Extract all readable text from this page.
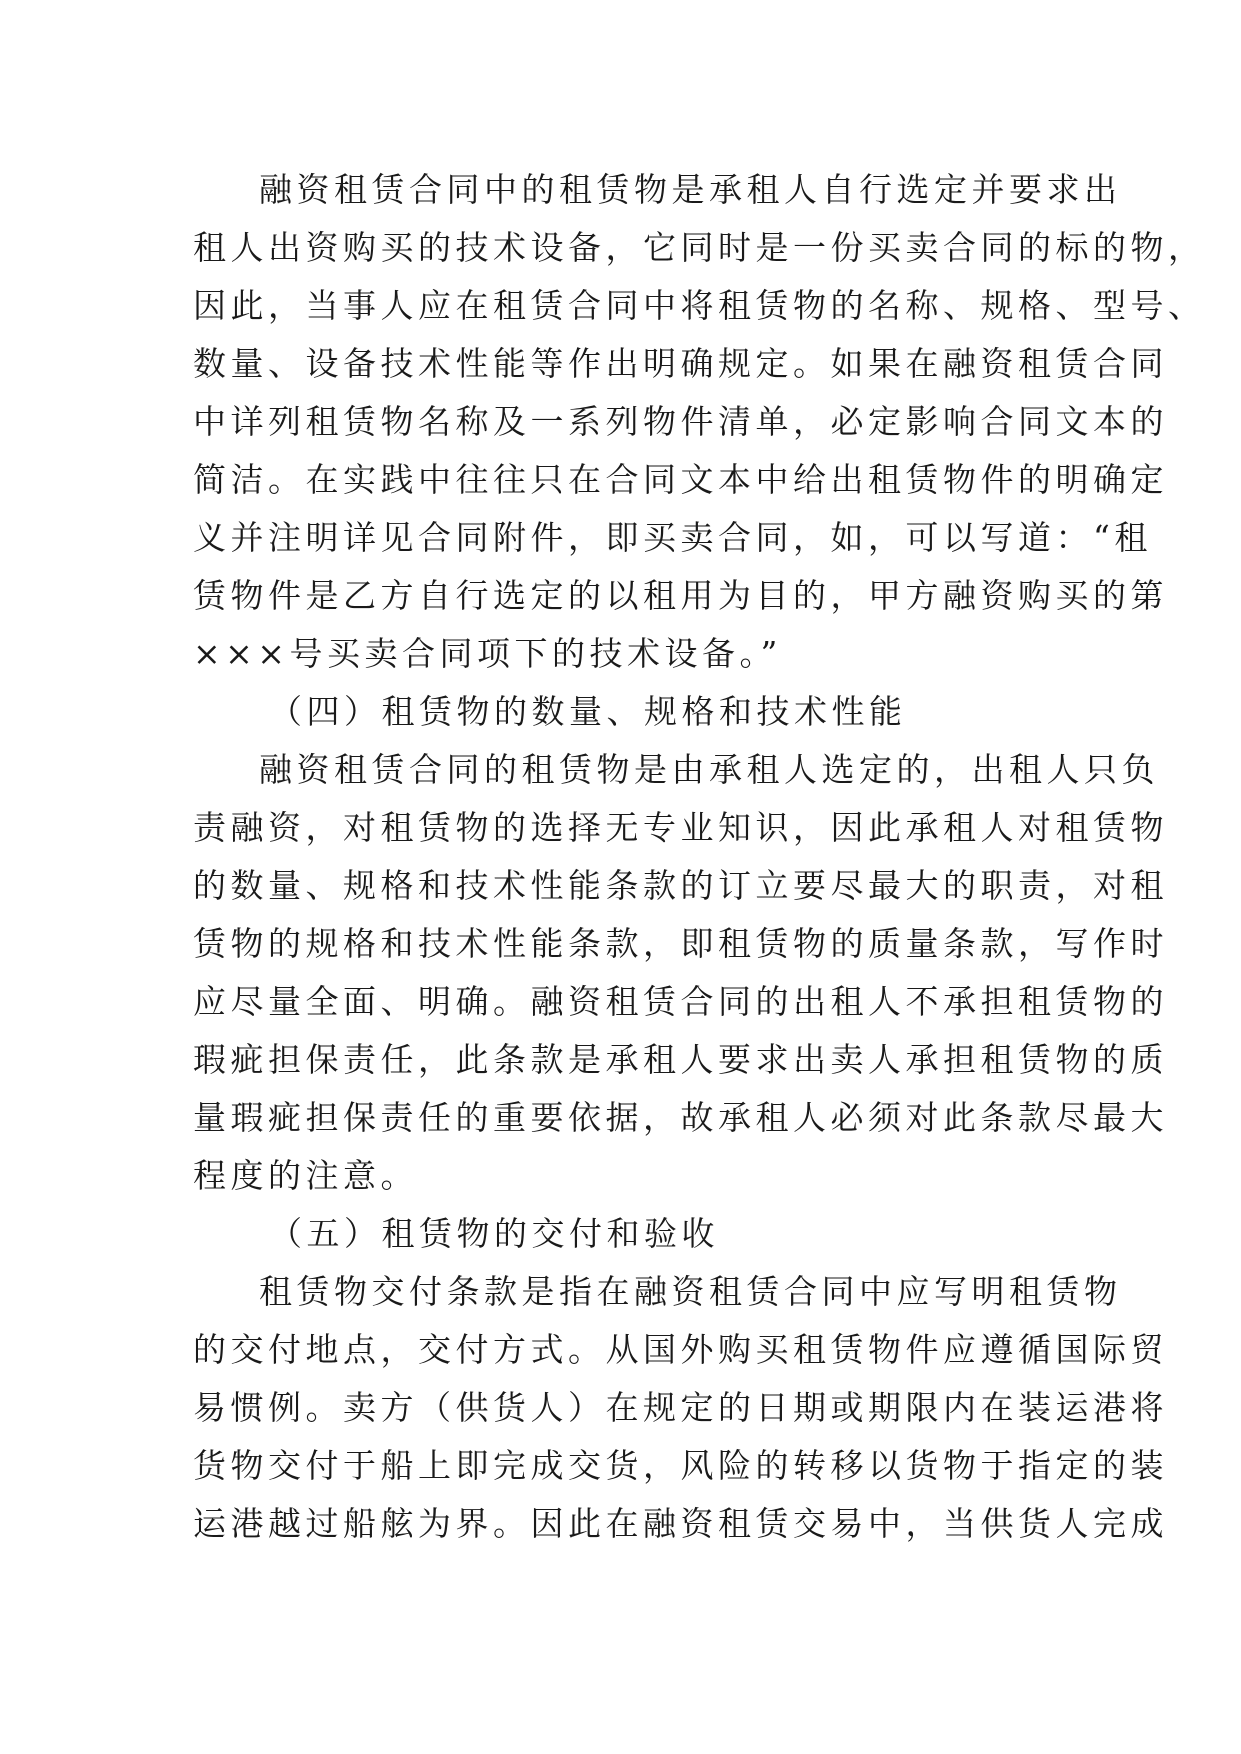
融资租赁合同中的租赁物是承租人自行选定并要求出
租人出资购买的技术设备，它同时是一份买卖合同的标的物，
因此，当事人应在租赁合同中将租赁物的名称、规格、型号、
数量、设备技术性能等作出明确规定。如果在融资租赁合同
中详列租赁物名称及一系列物件清单，必定影响合同文本的
简洁。在实践中往往只在合同文本中给出租赁物件的明确定
义并注明详见合同附件，即买卖合同，如，可以写道：“租
赁物件是乙方自行选定的以租用为目的，甲方融资购买的第
×××号买卖合同项下的技术设备。”
（四）租赁物的数量、规格和技术性能
融资租赁合同的租赁物是由承租人选定的，出租人只负
责融资，对租赁物的选择无专业知识，因此承租人对租赁物
的数量、规格和技术性能条款的订立要尽最大的职责，对租
赁物的规格和技术性能条款，即租赁物的质量条款，写作时
应尽量全面、明确。融资租赁合同的出租人不承担租赁物的
瑕疵担保责任，此条款是承租人要求出卖人承担租赁物的质
量瑕疵担保责任的重要依据，故承租人必须对此条款尽最大
程度的注意。
（五）租赁物的交付和验收
租赁物交付条款是指在融资租赁合同中应写明租赁物
的交付地点，交付方式。从国外购买租赁物件应遵循国际贸
易惯例。卖方（供货人）在规定的日期或期限内在装运港将
货物交付于船上即完成交货，风险的转移以货物于指定的装
运港越过船舷为界。因此在融资租赁交易中，当供货人完成
